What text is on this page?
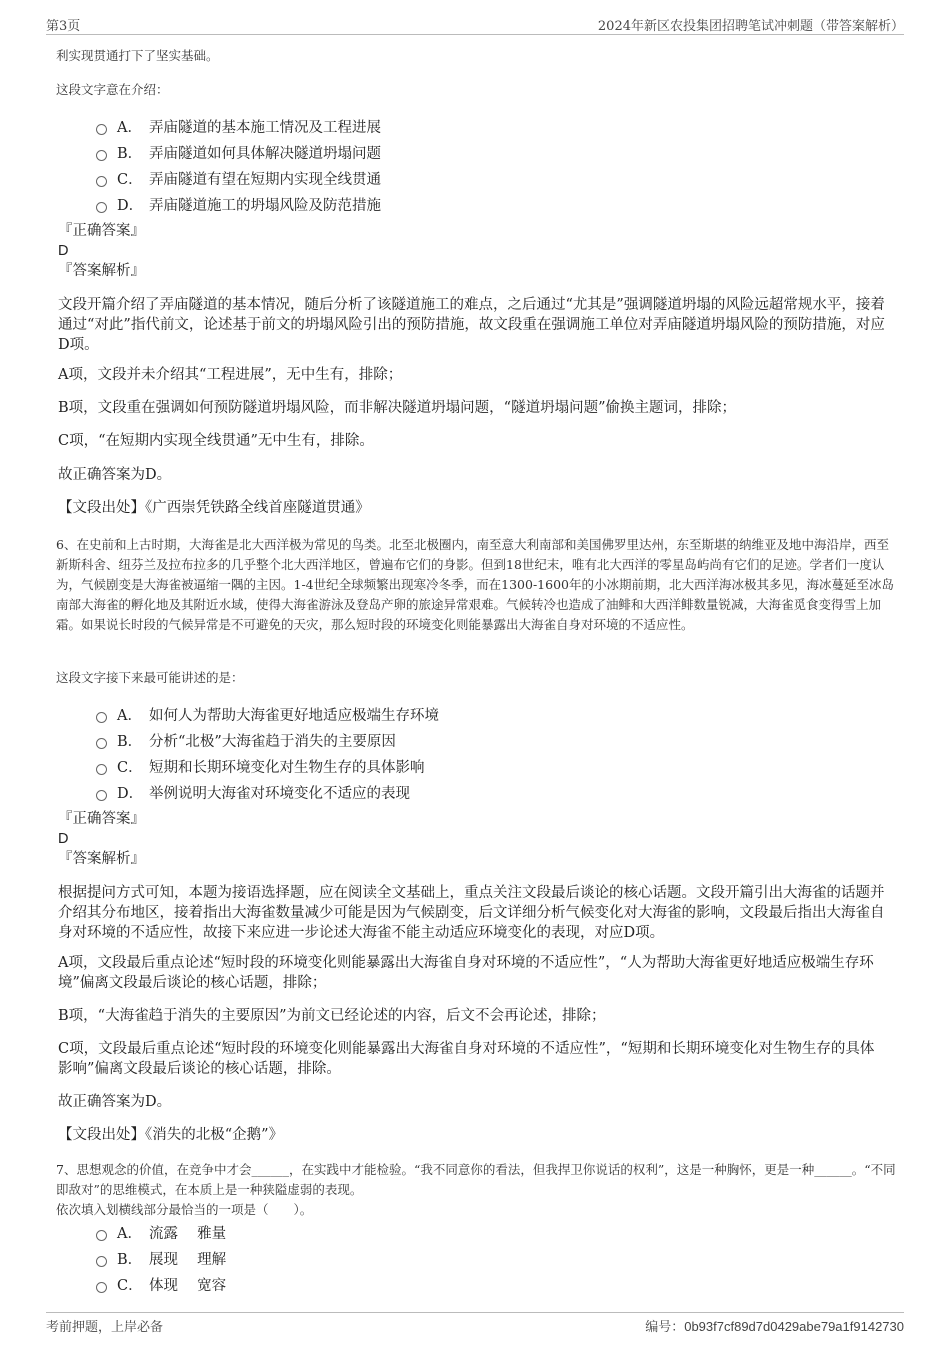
第3页	2024年新区农投集团招聘笔试冲刺题（带答案解析）
利实现贯通打下了坚实基础。
这段文字意在介绍：
A． 弄庙隧道的基本施工情况及工程进展
B． 弄庙隧道如何具体解决隧道坍塌问题
C． 弄庙隧道有望在短期内实现全线贯通
D． 弄庙隧道施工的坍塌风险及防范措施
『正确答案』
D
『答案解析』
文段开篇介绍了弄庙隧道的基本情况，随后分析了该隧道施工的难点，之后通过“尤其是”强调隧道坍塌的风险远超常规水平，接着通过“对此”指代前文，论述基于前文的坍塌风险引出的预防措施，故文段重在强调施工单位对弄庙隧道坍塌风险的预防措施，对应D项。
A项，文段并未介绍其“工程进展”，无中生有，排除；
B项，文段重在强调如何预防隧道坍塌风险，而非解决隧道坍塌问题，“隧道坍塌问题”偷换主题词，排除；
C项，“在短期内实现全线贯通”无中生有，排除。
故正确答案为D。
【文段出处】《广西崇凭铁路全线首座隧道贯通》
6、在史前和上古时期，大海雀是北大西洋极为常见的鸟类。北至北极圈内，南至意大利南部和美国佛罗里达州，东至斯堪的纳维亚及地中海沿岸，西至新斯科舍、纽芬兰及拉布拉多的几乎整个北大西洋地区，曾遍布它们的身影。但到18世纪末，唯有北大西洋的零星岛屿尚有它们的足迹。学者们一度认为，气候剧变是大海雀被逼缩一隅的主因。1-4世纪全球频繁出现寒冷冬季，而在1300-1600年的小冰期前期，北大西洋海冰极其多见，海冰蔓延至冰岛南部大海雀的孵化地及其附近水域，使得大海雀游泳及登岛产卵的旅途异常艰难。气候转冷也造成了油鲱和大西洋鲱数量锐减，大海雀觅食变得雪上加霜。如果说长时段的气候异常是不可避免的天灾，那么短时段的环境变化则能暴露出大海雀自身对环境的不适应性。
这段文字接下来最可能讲述的是：
A． 如何人为帮助大海雀更好地适应极端生存环境
B． 分析“北极”大海雀趋于消失的主要原因
C． 短期和长期环境变化对生物生存的具体影响
D． 举例说明大海雀对环境变化不适应的表现
『正确答案』
D
『答案解析』
根据提问方式可知，本题为接语选择题，应在阅读全文基础上，重点关注文段最后谈论的核心话题。文段开篇引出大海雀的话题并介绍其分布地区，接着指出大海雀数量减少可能是因为气候剧变，后文详细分析气候变化对大海雀的影响，文段最后指出大海雀自身对环境的不适应性，故接下来应进一步论述大海雀不能主动适应环境变化的表现，对应D项。
A项，文段最后重点论述“短时段的环境变化则能暴露出大海雀自身对环境的不适应性”，“人为帮助大海雀更好地适应极端生存环境”偏离文段最后谈论的核心话题，排除；
B项，“大海雀趋于消失的主要原因”为前文已经论述的内容，后文不会再论述，排除；
C项，文段最后重点论述“短时段的环境变化则能暴露出大海雀自身对环境的不适应性”，“短期和长期环境变化对生物生存的具体影响”偏离文段最后谈论的核心话题，排除。
故正确答案为D。
【文段出处】《消失的北极“企鹅”》
7、思想观念的价值，在竞争中才会______，在实践中才能检验。“我不同意你的看法，但我捍卫你说话的权利”，这是一种胸怀，更是一种______。“不同即敌对”的思维模式，在本质上是一种狭隘虚弱的表现。
依次填入划横线部分最恰当的一项是（　　）。
A． 流露　 雅量
B． 展现　 理解
C． 体现　 宽容
考前押题，上岸必备	编号：0b93f7cf89d7d0429abe79a1f9142730
